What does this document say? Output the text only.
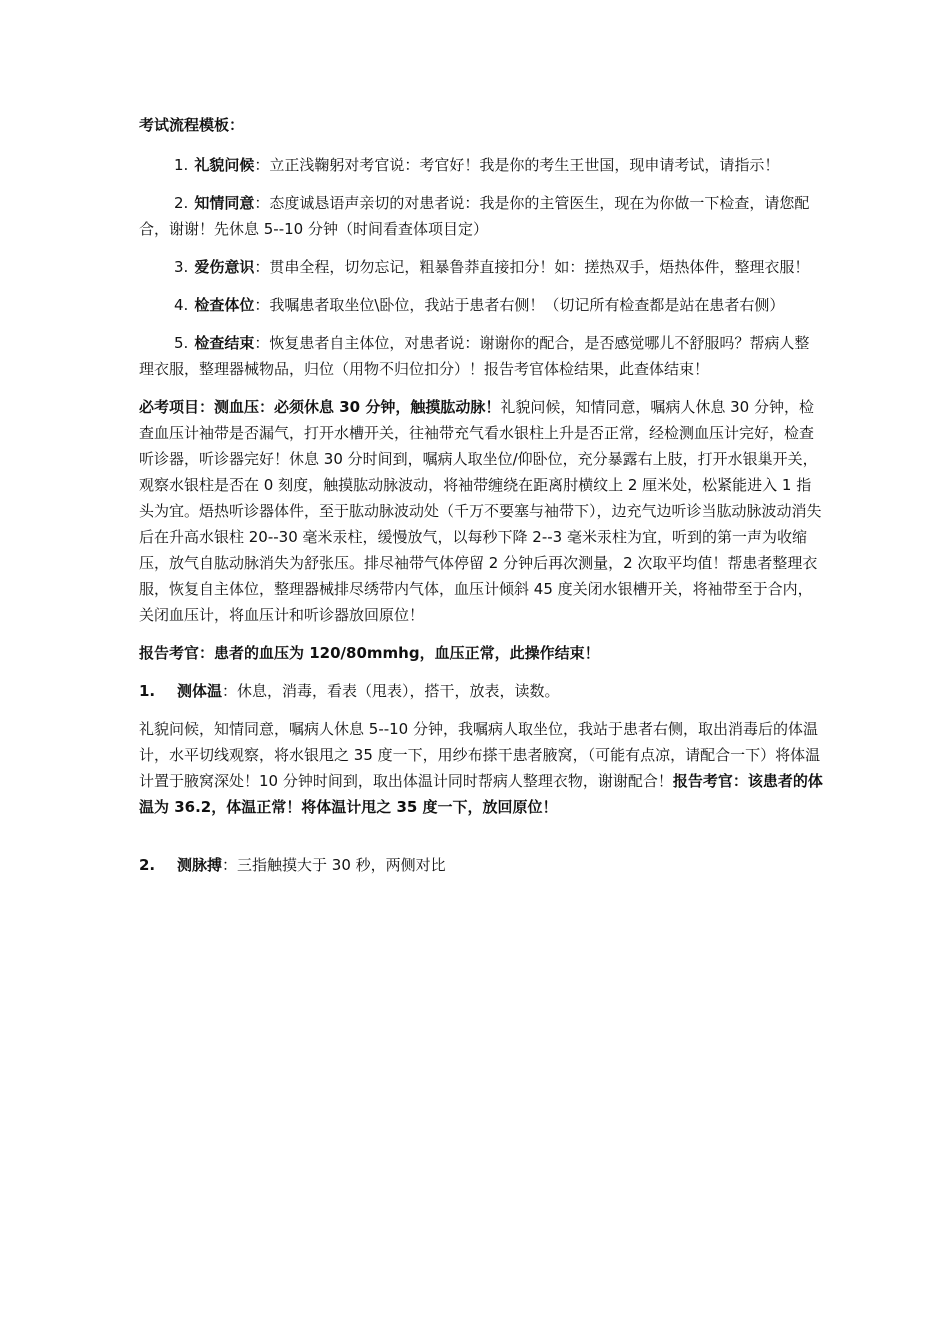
考试流程模板：
1. 礼貌问候：立正浅鞠躬对考官说：考官好！我是你的考生王世国，现申请考试，请指示！
2. 知情同意：态度诚恳语声亲切的对患者说：我是你的主管医生，现在为你做一下检查，请您配合，谢谢！先休息 5--10 分钟（时间看查体项目定）
3. 爱伤意识：贯串全程，切勿忘记，粗暴鲁莽直接扣分！如：搓热双手，焐热体件，整理衣服！
4. 检查体位：我嘱患者取坐位\卧位，我站于患者右侧！（切记所有检查都是站在患者右侧）
5. 检查结束：恢复患者自主体位，对患者说：谢谢你的配合，是否感觉哪儿不舒服吗？帮病人整理衣服，整理器械物品，归位（用物不归位扣分）！报告考官体检结果，此查体结束！
必考项目：测血压：必须休息 30 分钟，触摸肱动脉！礼貌问候，知情同意，嘱病人休息 30 分钟，检查血压计袖带是否漏气，打开水槽开关，往袖带充气看水银柱上升是否正常，经检测血压计完好，检查听诊器，听诊器完好！休息 30 分时间到，嘱病人取坐位/仰卧位，充分暴露右上肢，打开水银巢开关，观察水银柱是否在 0 刻度，触摸肱动脉波动，将袖带缠绕在距离肘横纹上 2 厘米处，松紧能进入 1 指头为宜。焐热听诊器体件，至于肱动脉波动处（千万不要塞与袖带下），边充气边听诊当肱动脉波动消失后在升高水银柱 20--30 毫米汞柱，缓慢放气，以每秒下降 2--3 毫米汞柱为宜，听到的第一声为收缩压，放气自肱动脉消失为舒张压。排尽袖带气体停留 2 分钟后再次测量，2 次取平均值！帮患者整理衣服，恢复自主体位，整理器械排尽绣带内气体，血压计倾斜 45 度关闭水银槽开关，将袖带至于合内，关闭血压计，将血压计和听诊器放回原位！
报告考官：患者的血压为 120/80mmhg，血压正常，此操作结束！
1. 测体温：休息，消毒，看表（甩表），搭干，放表，读数。
礼貌问候，知情同意，嘱病人休息 5--10 分钟，我嘱病人取坐位，我站于患者右侧，取出消毒后的体温计，水平切线观察，将水银甩之 35 度一下，用纱布搽干患者腋窝，（可能有点凉，请配合一下）将体温计置于腋窝深处！10 分钟时间到，取出体温计同时帮病人整理衣物，谢谢配合！报告考官：该患者的体温为 36.2，体温正常！将体温计甩之 35 度一下，放回原位！
2. 测脉搏：三指触摸大于 30 秒，两侧对比
